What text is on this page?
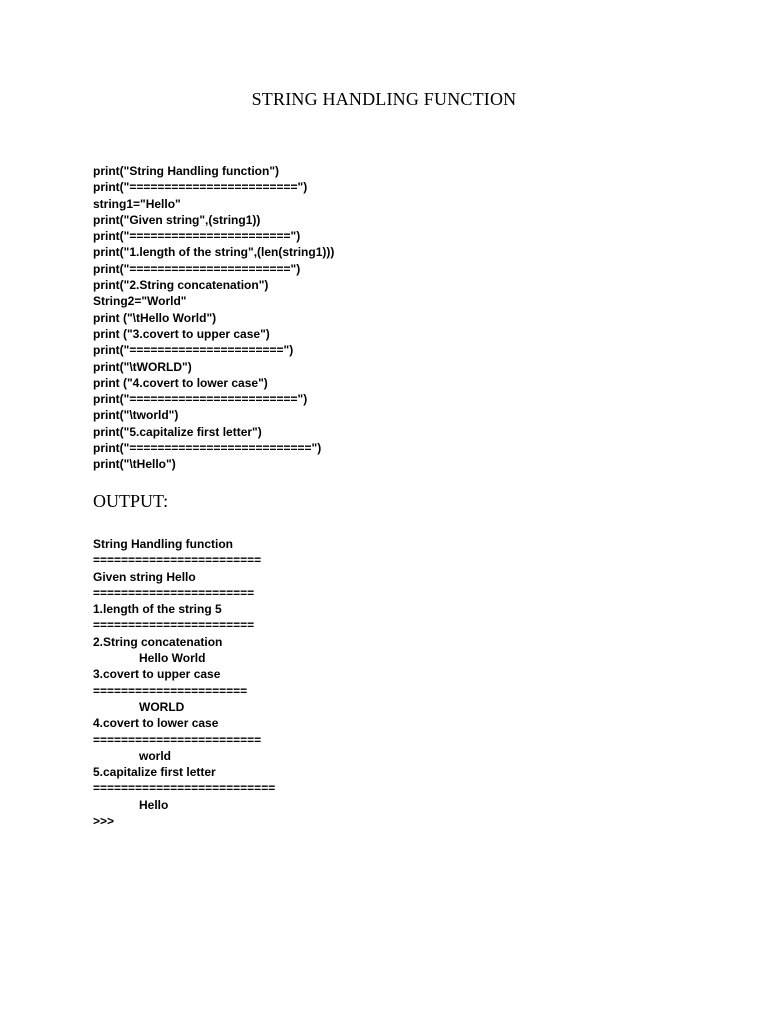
STRING HANDLING FUNCTION
print("String Handling function")
print("========================")
string1="Hello"
print("Given string",(string1))
print("=======================")
print("1.length of the string",(len(string1)))
print("=======================")
print("2.String concatenation")
String2="World"
print ("\tHello World")
print ("3.covert to upper case")
print("======================")
print("\tWORLD")
print ("4.covert to lower case")
print("========================")
print("\tworld")
print("5.capitalize first letter")
print("==========================")
print("\tHello")
OUTPUT:
String Handling function
========================
Given string Hello
=======================
1.length of the string 5
=======================
2.String concatenation
Hello World
3.covert to upper case
======================
WORLD
4.covert to lower case
========================
world
5.capitalize first letter
==========================
Hello
>>>
